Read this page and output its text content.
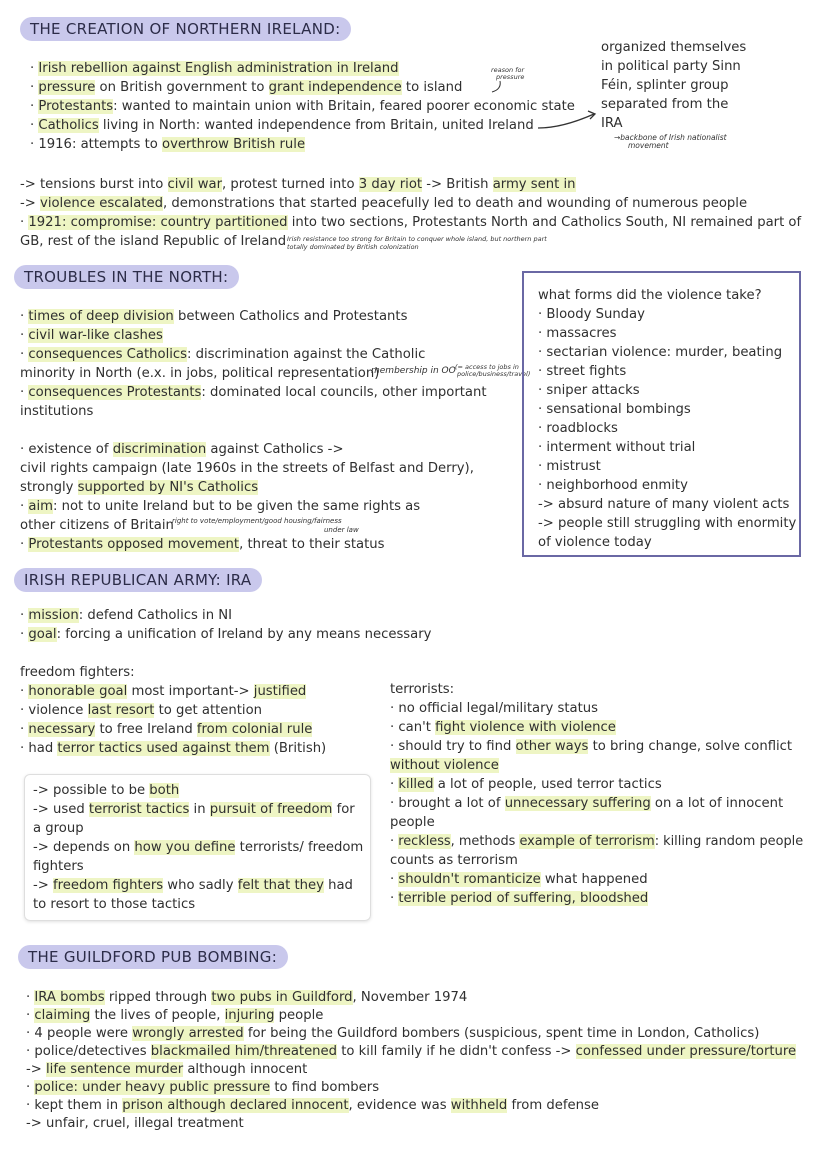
THE CREATION OF NORTHERN IRELAND:
· Irish rebellion against English administration in Ireland
· pressure on British government to grant independence to island
· Protestants: wanted to maintain union with Britain, feared poorer economic state
· Catholics living in North: wanted independence from Britain, united Ireland
· 1916: attempts to overthrow British rule
reason for
pressure
organized themselves
in political party Sinn
Féin, splinter group
separated from the
IRA
→backbone of Irish nationalist
movement
-> tensions burst into civil war, protest turned into 3 day riot -> British army sent in
-> violence escalated, demonstrations that started peacefully led to death and wounding of numerous people
· 1921: compromise: country partitioned into two sections, Protestants North and Catholics South, NI remained part of
GB, rest of the island Republic of Ireland Irish resistance too strong for Britain to conquer whole island, but northern part
totally dominated by British colonization
TROUBLES IN THE NORTH:
· times of deep division between Catholics and Protestants
· civil war-like clashes
· consequences Catholics: discrimination against the Catholic
minority in North (e.x. in jobs, political representation)
membership in OO (= access to jobs in
police/business/travel)
· consequences Protestants: dominated local councils, other important
institutions
· existence of discrimination against Catholics ->
civil rights campaign (late 1960s in the streets of Belfast and Derry),
strongly supported by NI's Catholics
· aim: not to unite Ireland but to be given the same rights as
other citizens of Britain
right to vote/employment/good housing/fairness
under law
· Protestants opposed movement, threat to their status
what forms did the violence take?
· Bloody Sunday
· massacres
· sectarian violence: murder, beating
· street fights
· sniper attacks
· sensational bombings
· roadblocks
· interment without trial
· mistrust
· neighborhood enmity
-> absurd nature of many violent acts
-> people still struggling with enormity
of violence today
IRISH REPUBLICAN ARMY: IRA
· mission: defend Catholics in NI
· goal: forcing a unification of Ireland by any means necessary
freedom fighters:
· honorable goal most important-> justified
· violence last resort to get attention
· necessary to free Ireland from colonial rule
· had terror tactics used against them (British)
-> possible to be both
-> used terrorist tactics in pursuit of freedom for
a group
-> depends on how you define terrorists/ freedom
fighters
-> freedom fighters who sadly felt that they had
to resort to those tactics
terrorists:
· no official legal/military status
· can't fight violence with violence
· should try to find other ways to bring change, solve conflict
without violence
· killed a lot of people, used terror tactics
· brought a lot of unnecessary suffering on a lot of innocent
people
· reckless, methods example of terrorism: killing random people
counts as terrorism
· shouldn't romanticize what happened
· terrible period of suffering, bloodshed
THE GUILDFORD PUB BOMBING:
· IRA bombs ripped through two pubs in Guildford, November 1974
· claiming the lives of people, injuring people
· 4 people were wrongly arrested for being the Guildford bombers (suspicious, spent time in London, Catholics)
· police/detectives blackmailed him/threatened to kill family if he didn't confess -> confessed under pressure/torture
-> life sentence murder although innocent
· police: under heavy public pressure to find bombers
· kept them in prison although declared innocent, evidence was withheld from defense
-> unfair, cruel, illegal treatment
